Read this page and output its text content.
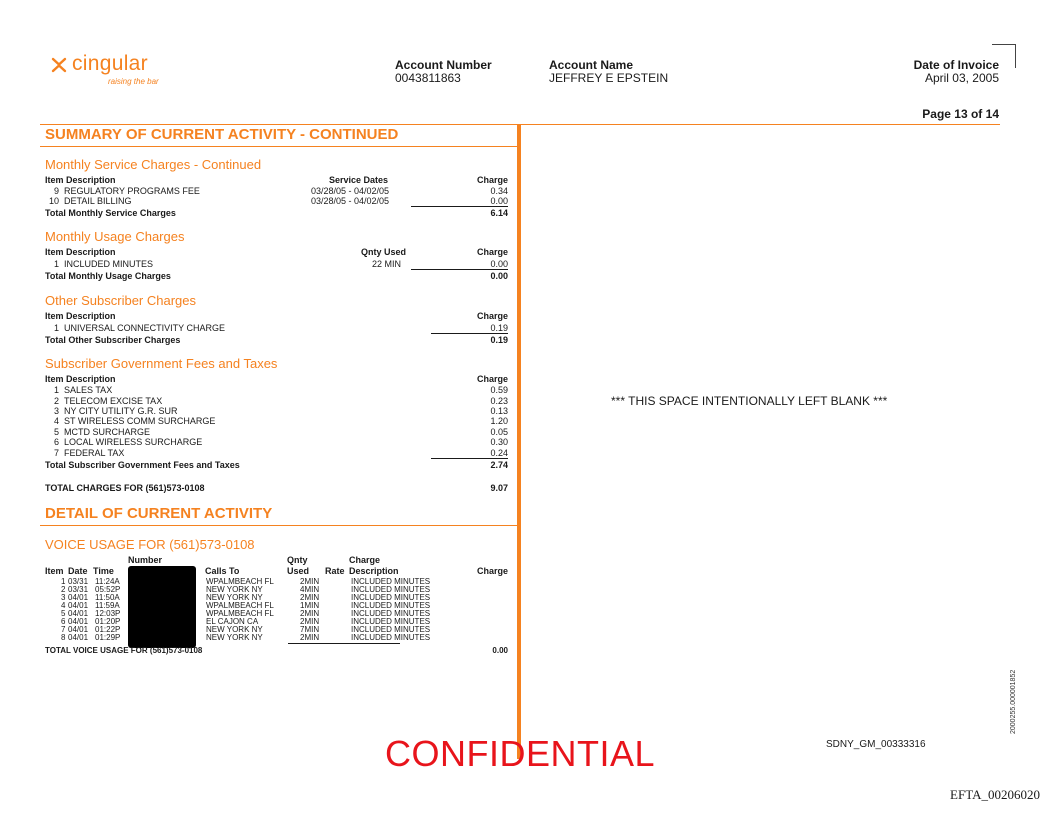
cingular
raising the bar
Account Number
0043811863
Account Name
JEFFREY E EPSTEIN
Date of Invoice
April 03, 2005
Page 13 of 14
SUMMARY OF CURRENT ACTIVITY - CONTINUED
Monthly Service Charges - Continued
Item Description	Service Dates	Charge
9 REGULATORY PROGRAMS FEE	03/28/05 - 04/02/05	0.34
10 DETAIL BILLING	03/28/05 - 04/02/05	0.00
Total Monthly Service Charges	6.14
Monthly Usage Charges
Item Description	Qnty Used	Charge
1 INCLUDED MINUTES	22 MIN	0.00
Total Monthly Usage Charges	0.00
Other Subscriber Charges
Item Description	Charge
1 UNIVERSAL CONNECTIVITY CHARGE	0.19
Total Other Subscriber Charges	0.19
Subscriber Government Fees and Taxes
Item Description	Charge
1 SALES TAX	0.59
2 TELECOM EXCISE TAX	0.23
3 NY CITY UTILITY G.R. SUR	0.13
4 ST WIRELESS COMM SURCHARGE	1.20
5 MCTD SURCHARGE	0.05
6 LOCAL WIRELESS SURCHARGE	0.30
7 FEDERAL TAX	0.24
Total Subscriber Government Fees and Taxes	2.74
TOTAL CHARGES FOR (561)573-0108	9.07
DETAIL OF CURRENT ACTIVITY
VOICE USAGE FOR (561)573-0108
Number	Qnty	Charge
Item Date Time	Calls To	Used Rate Description	Charge
1 03/31 11:24A	WPALMBEACH FL	2MIN	INCLUDED MINUTES
2 03/31 05:52P	NEW YORK NY	4MIN	INCLUDED MINUTES
3 04/01 11:50A	NEW YORK NY	2MIN	INCLUDED MINUTES
4 04/01 11:59A	WPALMBEACH FL	1MIN	INCLUDED MINUTES
5 04/01 12:03P	WPALMBEACH FL	2MIN	INCLUDED MINUTES
6 04/01 01:20P	EL CAJON CA	2MIN	INCLUDED MINUTES
7 04/01 01:22P	NEW YORK NY	7MIN	INCLUDED MINUTES
8 04/01 01:29P	NEW YORK NY	2MIN	INCLUDED MINUTES
TOTAL VOICE USAGE FOR (561)573-0108	0.00
*** THIS SPACE INTENTIONALLY LEFT BLANK ***
CONFIDENTIAL	SDNY_GM_00333316
2000255.000001852
EFTA_00206020
